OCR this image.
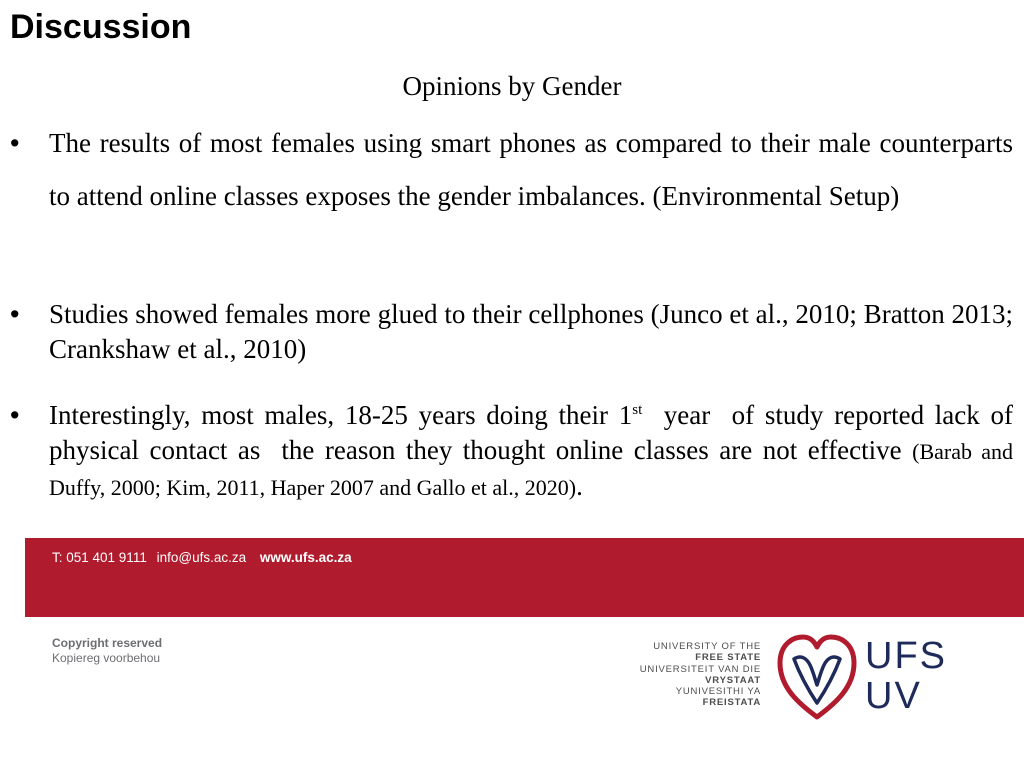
Discussion
Opinions by Gender
•	The results of most females using smart phones as compared to their male counterparts to attend online classes exposes the gender imbalances. (Environmental Setup)
•	Studies showed females more glued to their cellphones (Junco et al., 2010; Bratton 2013; Crankshaw et al., 2010)
•	Interestingly, most males, 18-25 years doing their 1st  year  of study reported lack of physical contact as  the reason they thought online classes are not effective (Barab and Duffy, 2000; Kim, 2011, Haper 2007 and Gallo et al., 2020).
T: 051 401 9111 info@ufs.ac.za www.ufs.ac.za
Copyright reserved
Kopiereg voorbehou
UNIVERSITY OF THE
FREE STATE
UNIVERSITEIT VAN DIE
VRYSTAAT
YUNIVESITHI YA
FREISTATA
UFS
UV
